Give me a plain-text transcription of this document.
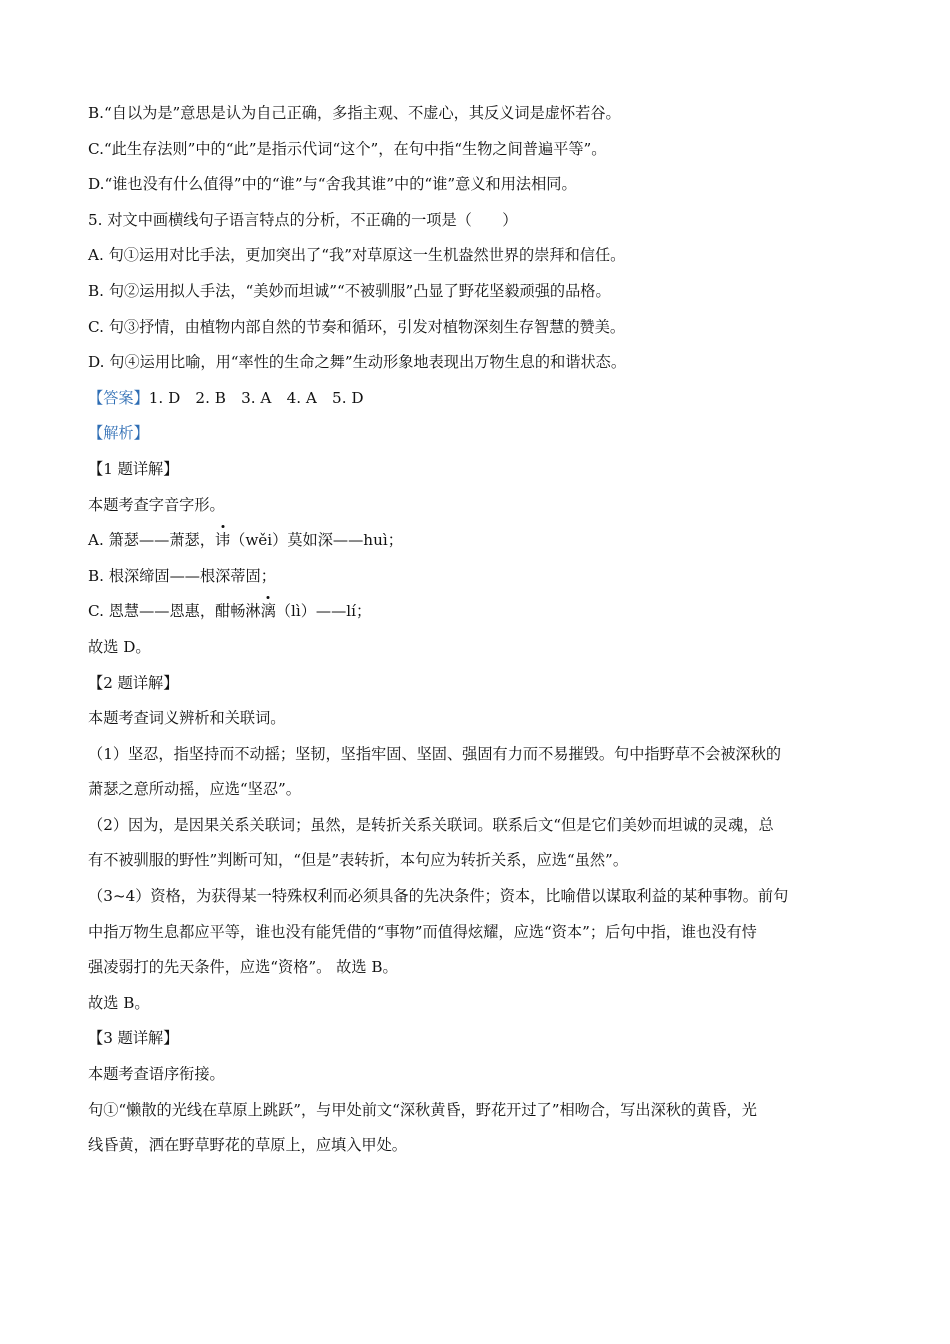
B.“自以为是”意思是认为自己正确，多指主观、不虚心，其反义词是虚怀若谷。
C.“此生存法则”中的“此”是指示代词“这个”，在句中指“生物之间普遍平等”。
D.“谁也没有什么值得”中的“谁”与“舍我其谁”中的“谁”意义和用法相同。
5. 对文中画横线句子语言特点的分析，不正确的一项是（　　）
A. 句①运用对比手法，更加突出了“我”对草原这一生机盎然世界的崇拜和信任。
B. 句②运用拟人手法，“美妙而坦诚”“不被驯服”凸显了野花坚毅顽强的品格。
C. 句③抒情，由植物内部自然的节奏和循环，引发对植物深刻生存智慧的赞美。
D. 句④运用比喻，用“率性的生命之舞”生动形象地表现出万物生息的和谐状态。
【答案】1. D　2. B　3. A　4. A　5. D
【解析】
【1 题详解】
本题考查字音字形。
A. 箫瑟——萧瑟，讳（wěi）莫如深——huì；
B. 根深缔固——根深蒂固；
C. 恩慧——恩惠，酣畅淋漓（lì）——lí；
故选 D。
【2 题详解】
本题考查词义辨析和关联词。
（1）坚忍，指坚持而不动摇；坚韧，坚指牢固、坚固、强固有力而不易摧毁。句中指野草不会被深秋的
萧瑟之意所动摇，应选“坚忍”。
（2）因为，是因果关系关联词；虽然，是转折关系关联词。联系后文“但是它们美妙而坦诚的灵魂，总
有不被驯服的野性”判断可知，“但是”表转折，本句应为转折关系，应选“虽然”。
（3~4）资格，为获得某一特殊权利而必须具备的先决条件；资本，比喻借以谋取利益的某种事物。前句
中指万物生息都应平等，谁也没有能凭借的“事物”而值得炫耀，应选“资本”；后句中指，谁也没有恃
强凌弱打的先天条件，应选“资格”。 故选 B。
故选 B。
【3 题详解】
本题考查语序衔接。
句①“懒散的光线在草原上跳跃”，与甲处前文“深秋黄昏，野花开过了”相吻合，写出深秋的黄昏，光
线昏黄，洒在野草野花的草原上，应填入甲处。
